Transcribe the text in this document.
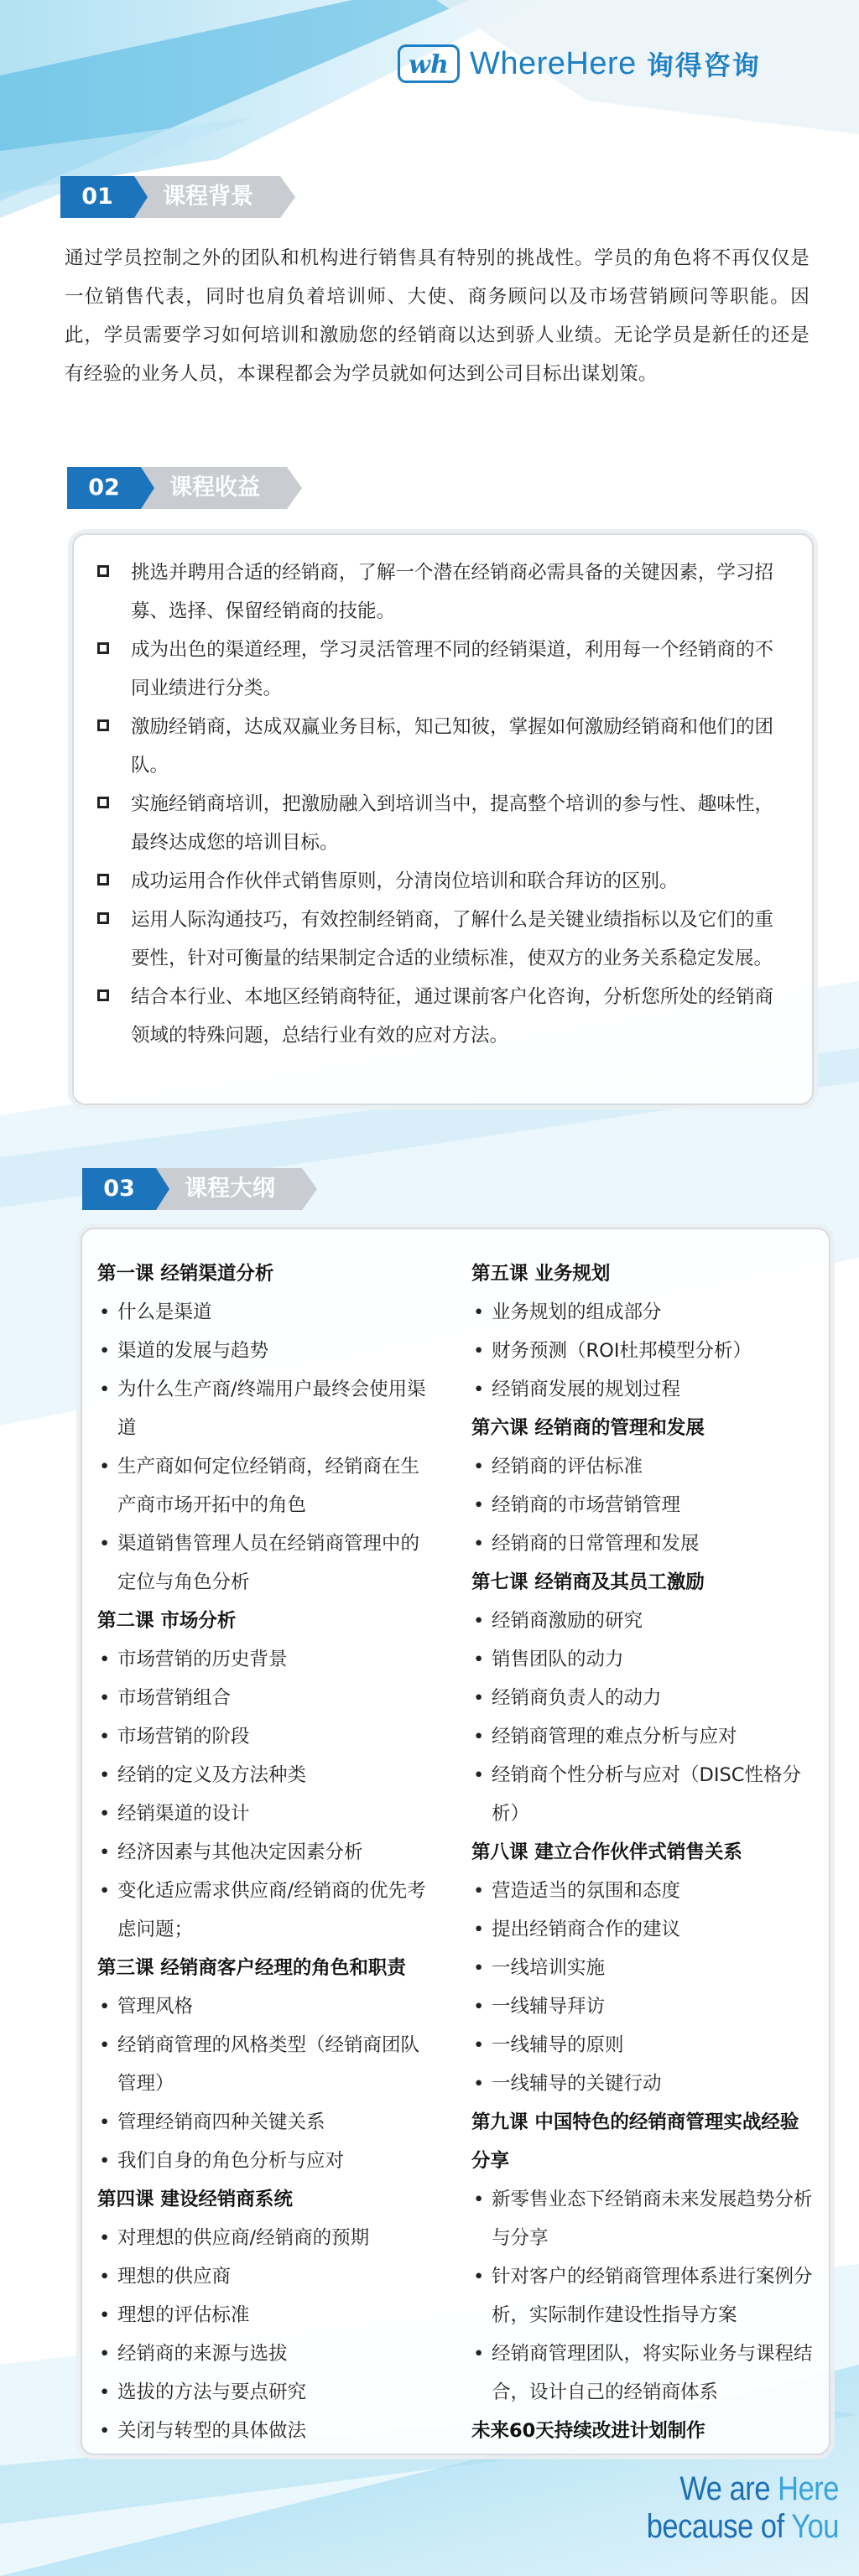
wh WhereHere 询得咨询
01	课程背景
通过学员控制之外的团队和机构进行销售具有特别的挑战性。学员的角色将不再仅仅是一位销售代表，同时也肩负着培训师、大使、商务顾问以及市场营销顾问等职能。因此，学员需要学习如何培训和激励您的经销商以达到骄人业绩。无论学员是新任的还是有经验的业务人员，本课程都会为学员就如何达到公司目标出谋划策。
02	课程收益
挑选并聘用合适的经销商，了解一个潜在经销商必需具备的关键因素，学习招募、选择、保留经销商的技能。
成为出色的渠道经理，学习灵活管理不同的经销渠道，利用每一个经销商的不同业绩进行分类。
激励经销商，达成双赢业务目标，知己知彼，掌握如何激励经销商和他们的团队。
实施经销商培训，把激励融入到培训当中，提高整个培训的参与性、趣味性，最终达成您的培训目标。
成功运用合作伙伴式销售原则，分清岗位培训和联合拜访的区别。
运用人际沟通技巧，有效控制经销商，了解什么是关键业绩指标以及它们的重要性，针对可衡量的结果制定合适的业绩标准，使双方的业务关系稳定发展。
结合本行业、本地区经销商特征，通过课前客户化咨询，分析您所处的经销商领域的特殊问题，总结行业有效的应对方法。
03	课程大纲
第一课 经销渠道分析
• 什么是渠道
• 渠道的发展与趋势
• 为什么生产商/终端用户最终会使用渠道
• 生产商如何定位经销商，经销商在生产商市场开拓中的角色
• 渠道销售管理人员在经销商管理中的定位与角色分析
第二课 市场分析
• 市场营销的历史背景
• 市场营销组合
• 市场营销的阶段
• 经销的定义及方法种类
• 经销渠道的设计
• 经济因素与其他决定因素分析
• 变化适应需求供应商/经销商的优先考虑问题；
第三课 经销商客户经理的角色和职责
• 管理风格
• 经销商管理的风格类型（经销商团队管理）
• 管理经销商四种关键关系
• 我们自身的角色分析与应对
第四课 建设经销商系统
• 对理想的供应商/经销商的预期
• 理想的供应商
• 理想的评估标准
• 经销商的来源与选拔
• 选拔的方法与要点研究
• 关闭与转型的具体做法
第五课 业务规划
• 业务规划的组成部分
• 财务预测（ROI杜邦模型分析）
• 经销商发展的规划过程
第六课 经销商的管理和发展
• 经销商的评估标准
• 经销商的市场营销管理
• 经销商的日常管理和发展
第七课 经销商及其员工激励
• 经销商激励的研究
• 销售团队的动力
• 经销商负责人的动力
• 经销商管理的难点分析与应对
• 经销商个性分析与应对（DISC性格分析）
第八课 建立合作伙伴式销售关系
• 营造适当的氛围和态度
• 提出经销商合作的建议
• 一线培训实施
• 一线辅导拜访
• 一线辅导的原则
• 一线辅导的关键行动
第九课 中国特色的经销商管理实战经验分享
• 新零售业态下经销商未来发展趋势分析与分享
• 针对客户的经销商管理体系进行案例分析，实际制作建设性指导方案
• 经销商管理团队，将实际业务与课程结合，设计自己的经销商体系
未来60天持续改进计划制作
We are Here because of You
